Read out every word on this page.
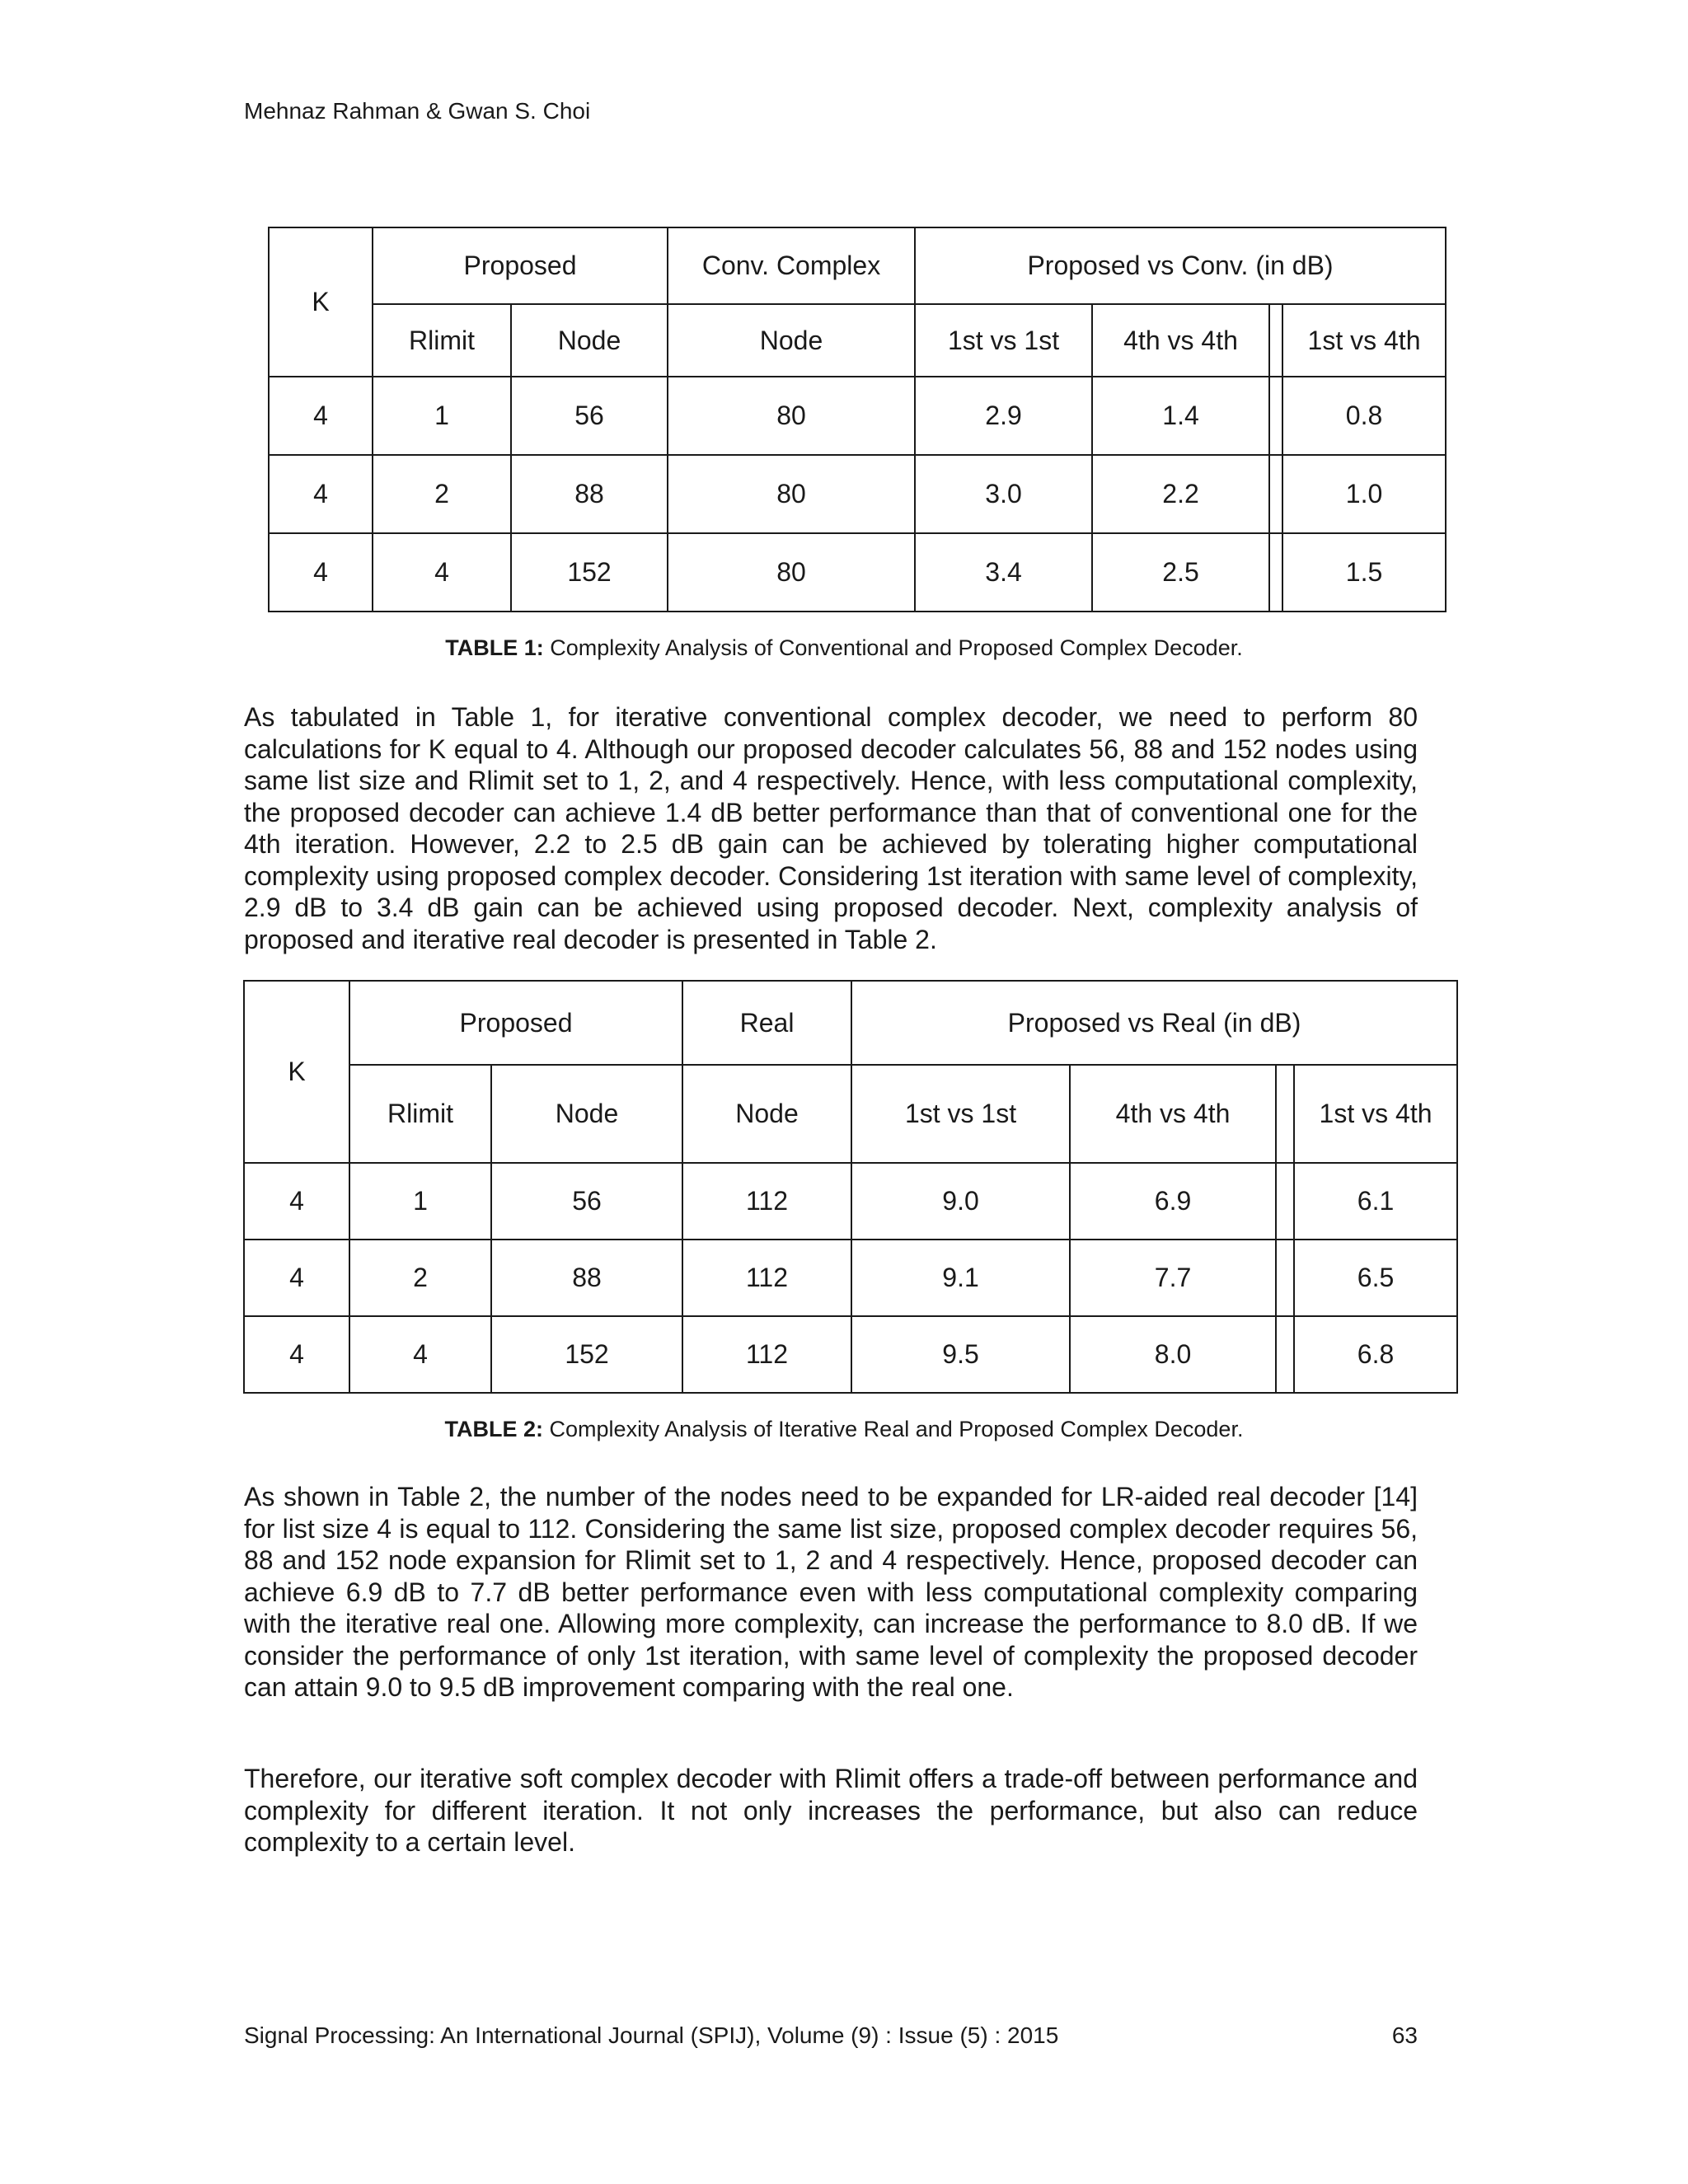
Mehnaz Rahman & Gwan S. Choi
K	Proposed		Conv. Complex	Proposed vs Conv. (in dB)			
	Rlimit	Node	Node	1st vs 1st	4th vs 4th		1st vs 4th
4	1	56	80	2.9	1.4		0.8
4	2	88	80	3.0	2.2		1.0
4	4	152	80	3.4	2.5		1.5
TABLE 1: Complexity Analysis of Conventional and Proposed Complex Decoder.

As tabulated in Table 1, for iterative conventional complex decoder, we need to perform 80 calculations for K equal to 4. Although our proposed decoder calculates 56, 88 and 152 nodes using same list size and Rlimit set to 1, 2, and 4 respectively. Hence, with less computational complexity, the proposed decoder can achieve 1.4 dB better performance than that of conventional one for the 4th iteration. However, 2.2 to 2.5 dB gain can be achieved by tolerating higher computational complexity using proposed complex decoder. Considering 1st iteration with same level of complexity, 2.9 dB to 3.4 dB gain can be achieved using proposed decoder. Next, complexity analysis of proposed and iterative real decoder is presented in Table 2.

K	Proposed		Real	Proposed vs Real (in dB)			
	Rlimit	Node	Node	1st vs 1st	4th vs 4th		1st vs 4th
4	1	56	112	9.0	6.9		6.1
4	2	88	112	9.1	7.7		6.5
4	4	152	112	9.5	8.0		6.8
TABLE 2: Complexity Analysis of Iterative Real and Proposed Complex Decoder.

As shown in Table 2, the number of the nodes need to be expanded for LR-aided real decoder [14] for list size 4 is equal to 112. Considering the same list size, proposed complex decoder requires 56, 88 and 152 node expansion for Rlimit set to 1, 2 and 4 respectively. Hence, proposed decoder can achieve 6.9 dB to 7.7 dB better performance even with less computational complexity comparing with the iterative real one. Allowing more complexity, can increase the performance to 8.0 dB. If we consider the performance of only 1st iteration, with same level of complexity the proposed decoder can attain 9.0 to 9.5 dB improvement comparing with the real one.

Therefore, our iterative soft complex decoder with Rlimit offers a trade-off between performance and complexity for different iteration. It not only increases the performance, but also can reduce complexity to a certain level.

Signal Processing: An International Journal (SPIJ), Volume (9) : Issue (5) : 2015	63
